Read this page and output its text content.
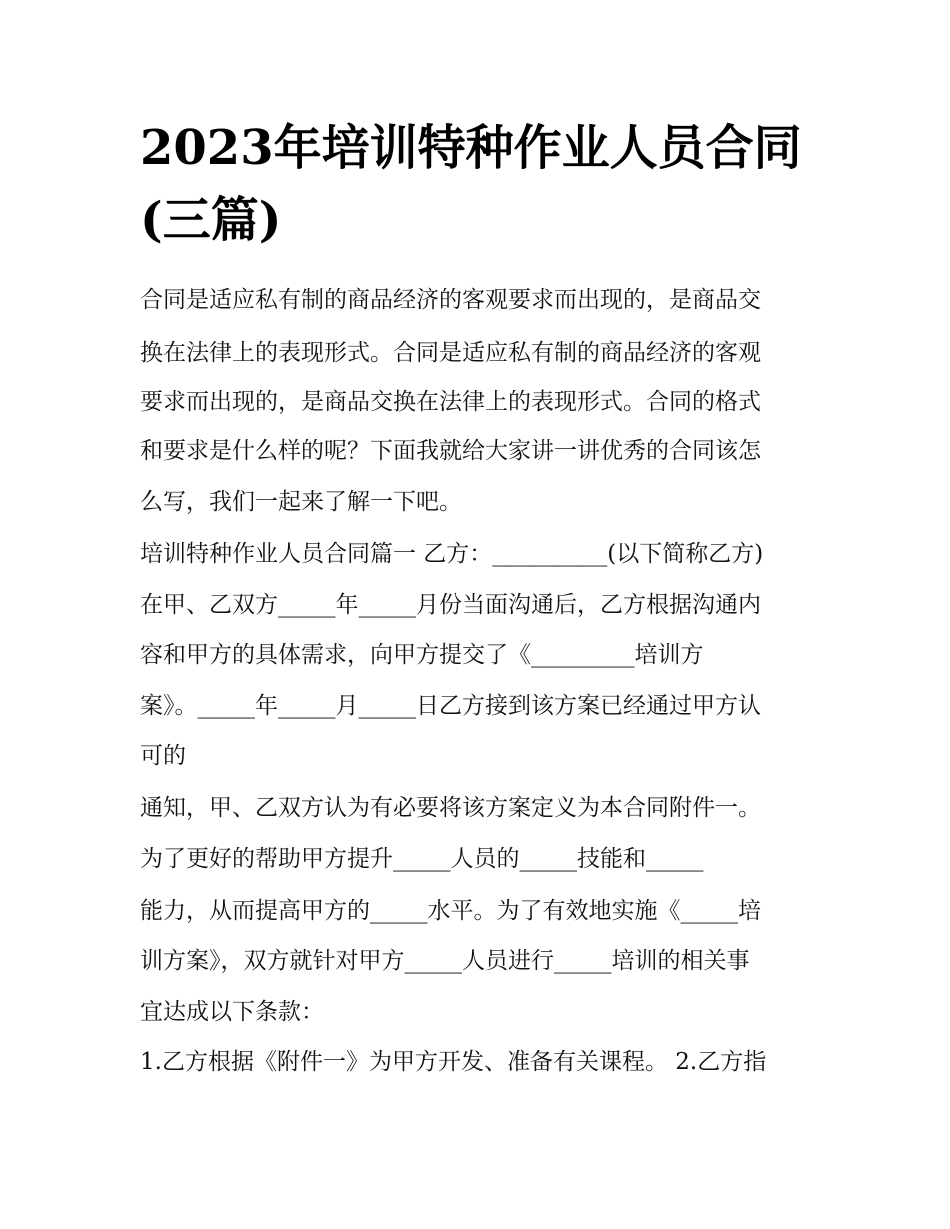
2023年培训特种作业人员合同
(三篇)

合同是适应私有制的商品经济的客观要求而出现的，是商品交

换在法律上的表现形式。合同是适应私有制的商品经济的客观

要求而出现的，是商品交换在法律上的表现形式。合同的格式

和要求是什么样的呢？下面我就给大家讲一讲优秀的合同该怎

么写，我们一起来了解一下吧。

培训特种作业人员合同篇一 乙方：__________(以下简称乙方)

在甲、乙双方_____年_____月份当面沟通后，乙方根据沟通内

容和甲方的具体需求，向甲方提交了《_________培训方

案》。_____年_____月_____日乙方接到该方案已经通过甲方认

可的

通知，甲、乙双方认为有必要将该方案定义为本合同附件一。

为了更好的帮助甲方提升_____人员的_____技能和_____

能力，从而提高甲方的_____水平。为了有效地实施《_____培

训方案》，双方就针对甲方_____人员进行_____培训的相关事

宜达成以下条款：

1.乙方根据《附件一》为甲方开发、准备有关课程。 2.乙方指
